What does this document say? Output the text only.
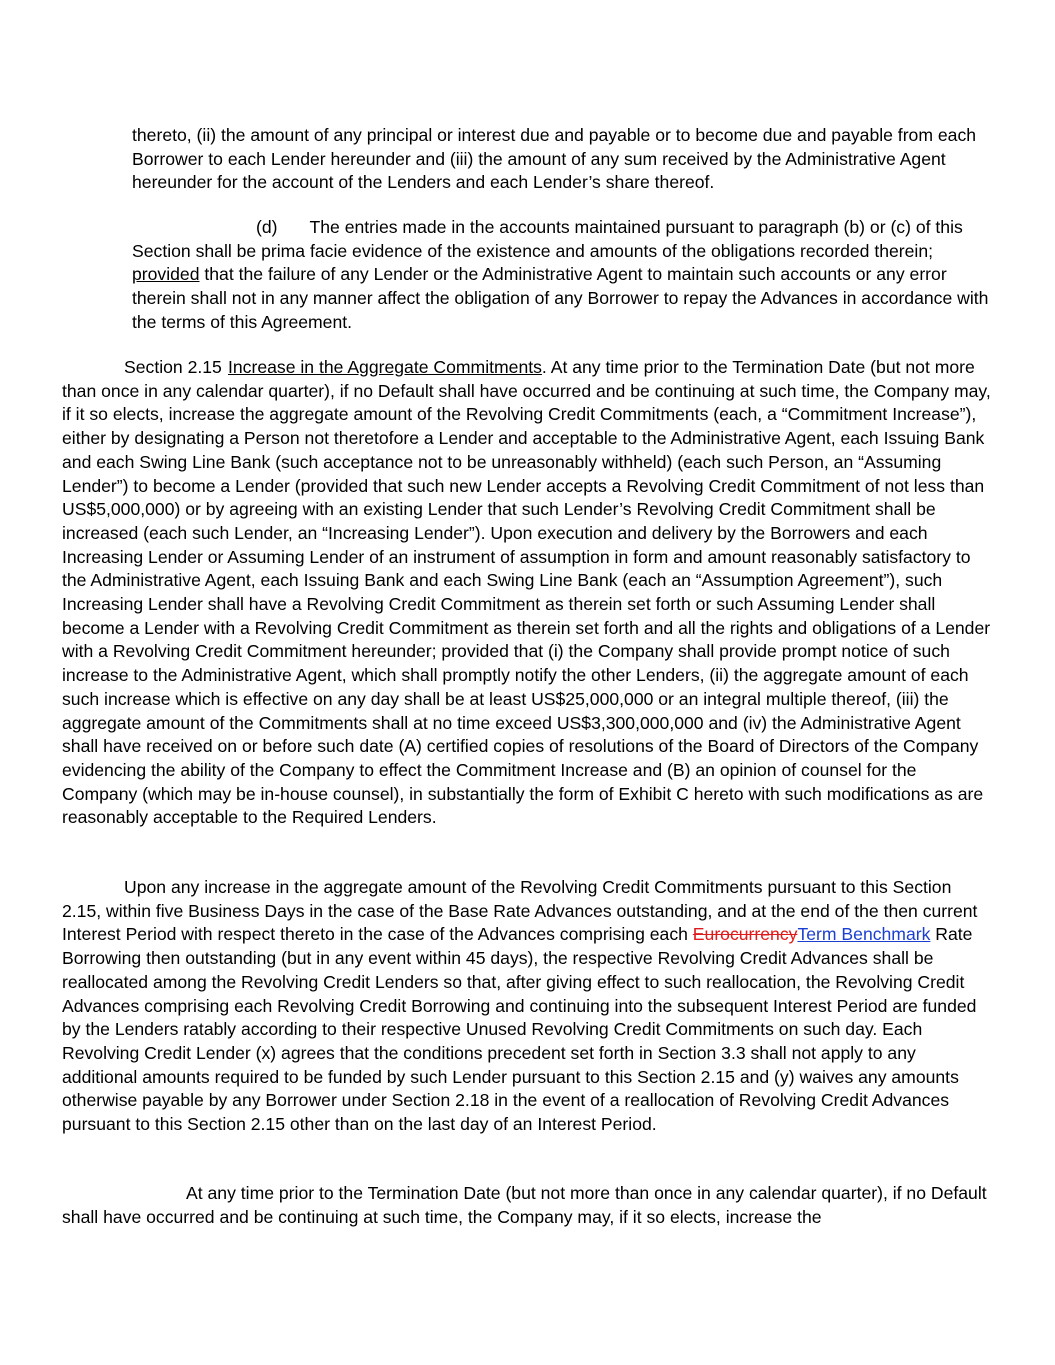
thereto, (ii) the amount of any principal or interest due and payable or to become due and payable from each Borrower to each Lender hereunder and (iii) the amount of any sum received by the Administrative Agent hereunder for the account of the Lenders and each Lender’s share thereof.

(d) The entries made in the accounts maintained pursuant to paragraph (b) or (c) of this Section shall be prima facie evidence of the existence and amounts of the obligations recorded therein; provided that the failure of any Lender or the Administrative Agent to maintain such accounts or any error therein shall not in any manner affect the obligation of any Borrower to repay the Advances in accordance with the terms of this Agreement.

Section 2.15 Increase in the Aggregate Commitments. At any time prior to the Termination Date (but not more than once in any calendar quarter), if no Default shall have occurred and be continuing at such time, the Company may, if it so elects, increase the aggregate amount of the Revolving Credit Commitments (each, a “Commitment Increase”), either by designating a Person not theretofore a Lender and acceptable to the Administrative Agent, each Issuing Bank and each Swing Line Bank (such acceptance not to be unreasonably withheld) (each such Person, an “Assuming Lender”) to become a Lender (provided that such new Lender accepts a Revolving Credit Commitment of not less than US$5,000,000) or by agreeing with an existing Lender that such Lender’s Revolving Credit Commitment shall be increased (each such Lender, an “Increasing Lender”). Upon execution and delivery by the Borrowers and each Increasing Lender or Assuming Lender of an instrument of assumption in form and amount reasonably satisfactory to the Administrative Agent, each Issuing Bank and each Swing Line Bank (each an “Assumption Agreement”), such Increasing Lender shall have a Revolving Credit Commitment as therein set forth or such Assuming Lender shall become a Lender with a Revolving Credit Commitment as therein set forth and all the rights and obligations of a Lender with a Revolving Credit Commitment hereunder; provided that (i) the Company shall provide prompt notice of such increase to the Administrative Agent, which shall promptly notify the other Lenders, (ii) the aggregate amount of each such increase which is effective on any day shall be at least US$25,000,000 or an integral multiple thereof, (iii) the aggregate amount of the Commitments shall at no time exceed US$3,300,000,000 and (iv) the Administrative Agent shall have received on or before such date (A) certified copies of resolutions of the Board of Directors of the Company evidencing the ability of the Company to effect the Commitment Increase and (B) an opinion of counsel for the Company (which may be in-house counsel), in substantially the form of Exhibit C hereto with such modifications as are reasonably acceptable to the Required Lenders.

Upon any increase in the aggregate amount of the Revolving Credit Commitments pursuant to this Section 2.15, within five Business Days in the case of the Base Rate Advances outstanding, and at the end of the then current Interest Period with respect thereto in the case of the Advances comprising each EurocurrencyTerm Benchmark Rate Borrowing then outstanding (but in any event within 45 days), the respective Revolving Credit Advances shall be reallocated among the Revolving Credit Lenders so that, after giving effect to such reallocation, the Revolving Credit Advances comprising each Revolving Credit Borrowing and continuing into the subsequent Interest Period are funded by the Lenders ratably according to their respective Unused Revolving Credit Commitments on such day. Each Revolving Credit Lender (x) agrees that the conditions precedent set forth in Section 3.3 shall not apply to any additional amounts required to be funded by such Lender pursuant to this Section 2.15 and (y) waives any amounts otherwise payable by any Borrower under Section 2.18 in the event of a reallocation of Revolving Credit Advances pursuant to this Section 2.15 other than on the last day of an Interest Period.

At any time prior to the Termination Date (but not more than once in any calendar quarter), if no Default shall have occurred and be continuing at such time, the Company may, if it so elects, increase the
